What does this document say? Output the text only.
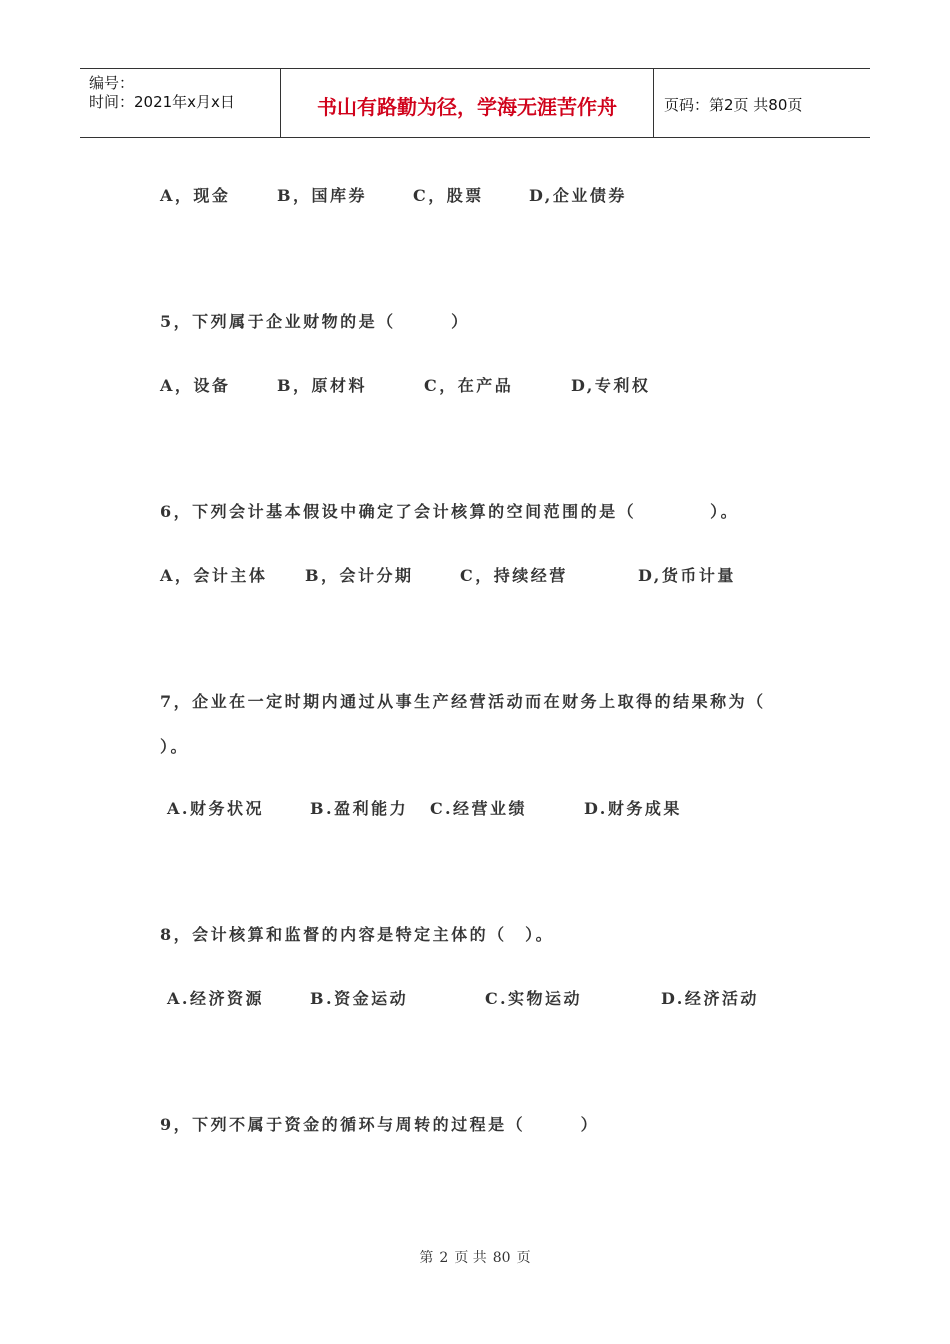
编号：
时间：2021年x月x日	书山有路勤为径，学海无涯苦作舟	页码：第2页 共80页
A，现金	B，国库券	C，股票	D,企业债券
5，下列属于企业财物的是（　　　）
A，设备	B，原材料	C，在产品	D,专利权
6，下列会计基本假设中确定了会计核算的空间范围的是（　　　　）。
A，会计主体 B，会计分期	C，持续经营	D,货币计量
7，企业在一定时期内通过从事生产经营活动而在财务上取得的结果称为（
）。
A.财务状况	B.盈利能力 C.经营业绩	D.财务成果
8，会计核算和监督的内容是特定主体的（　）。
A.经济资源	B.资金运动	C.实物运动	D.经济活动
9，下列不属于资金的循环与周转的过程是（　　　）
第 2 页 共 80 页
